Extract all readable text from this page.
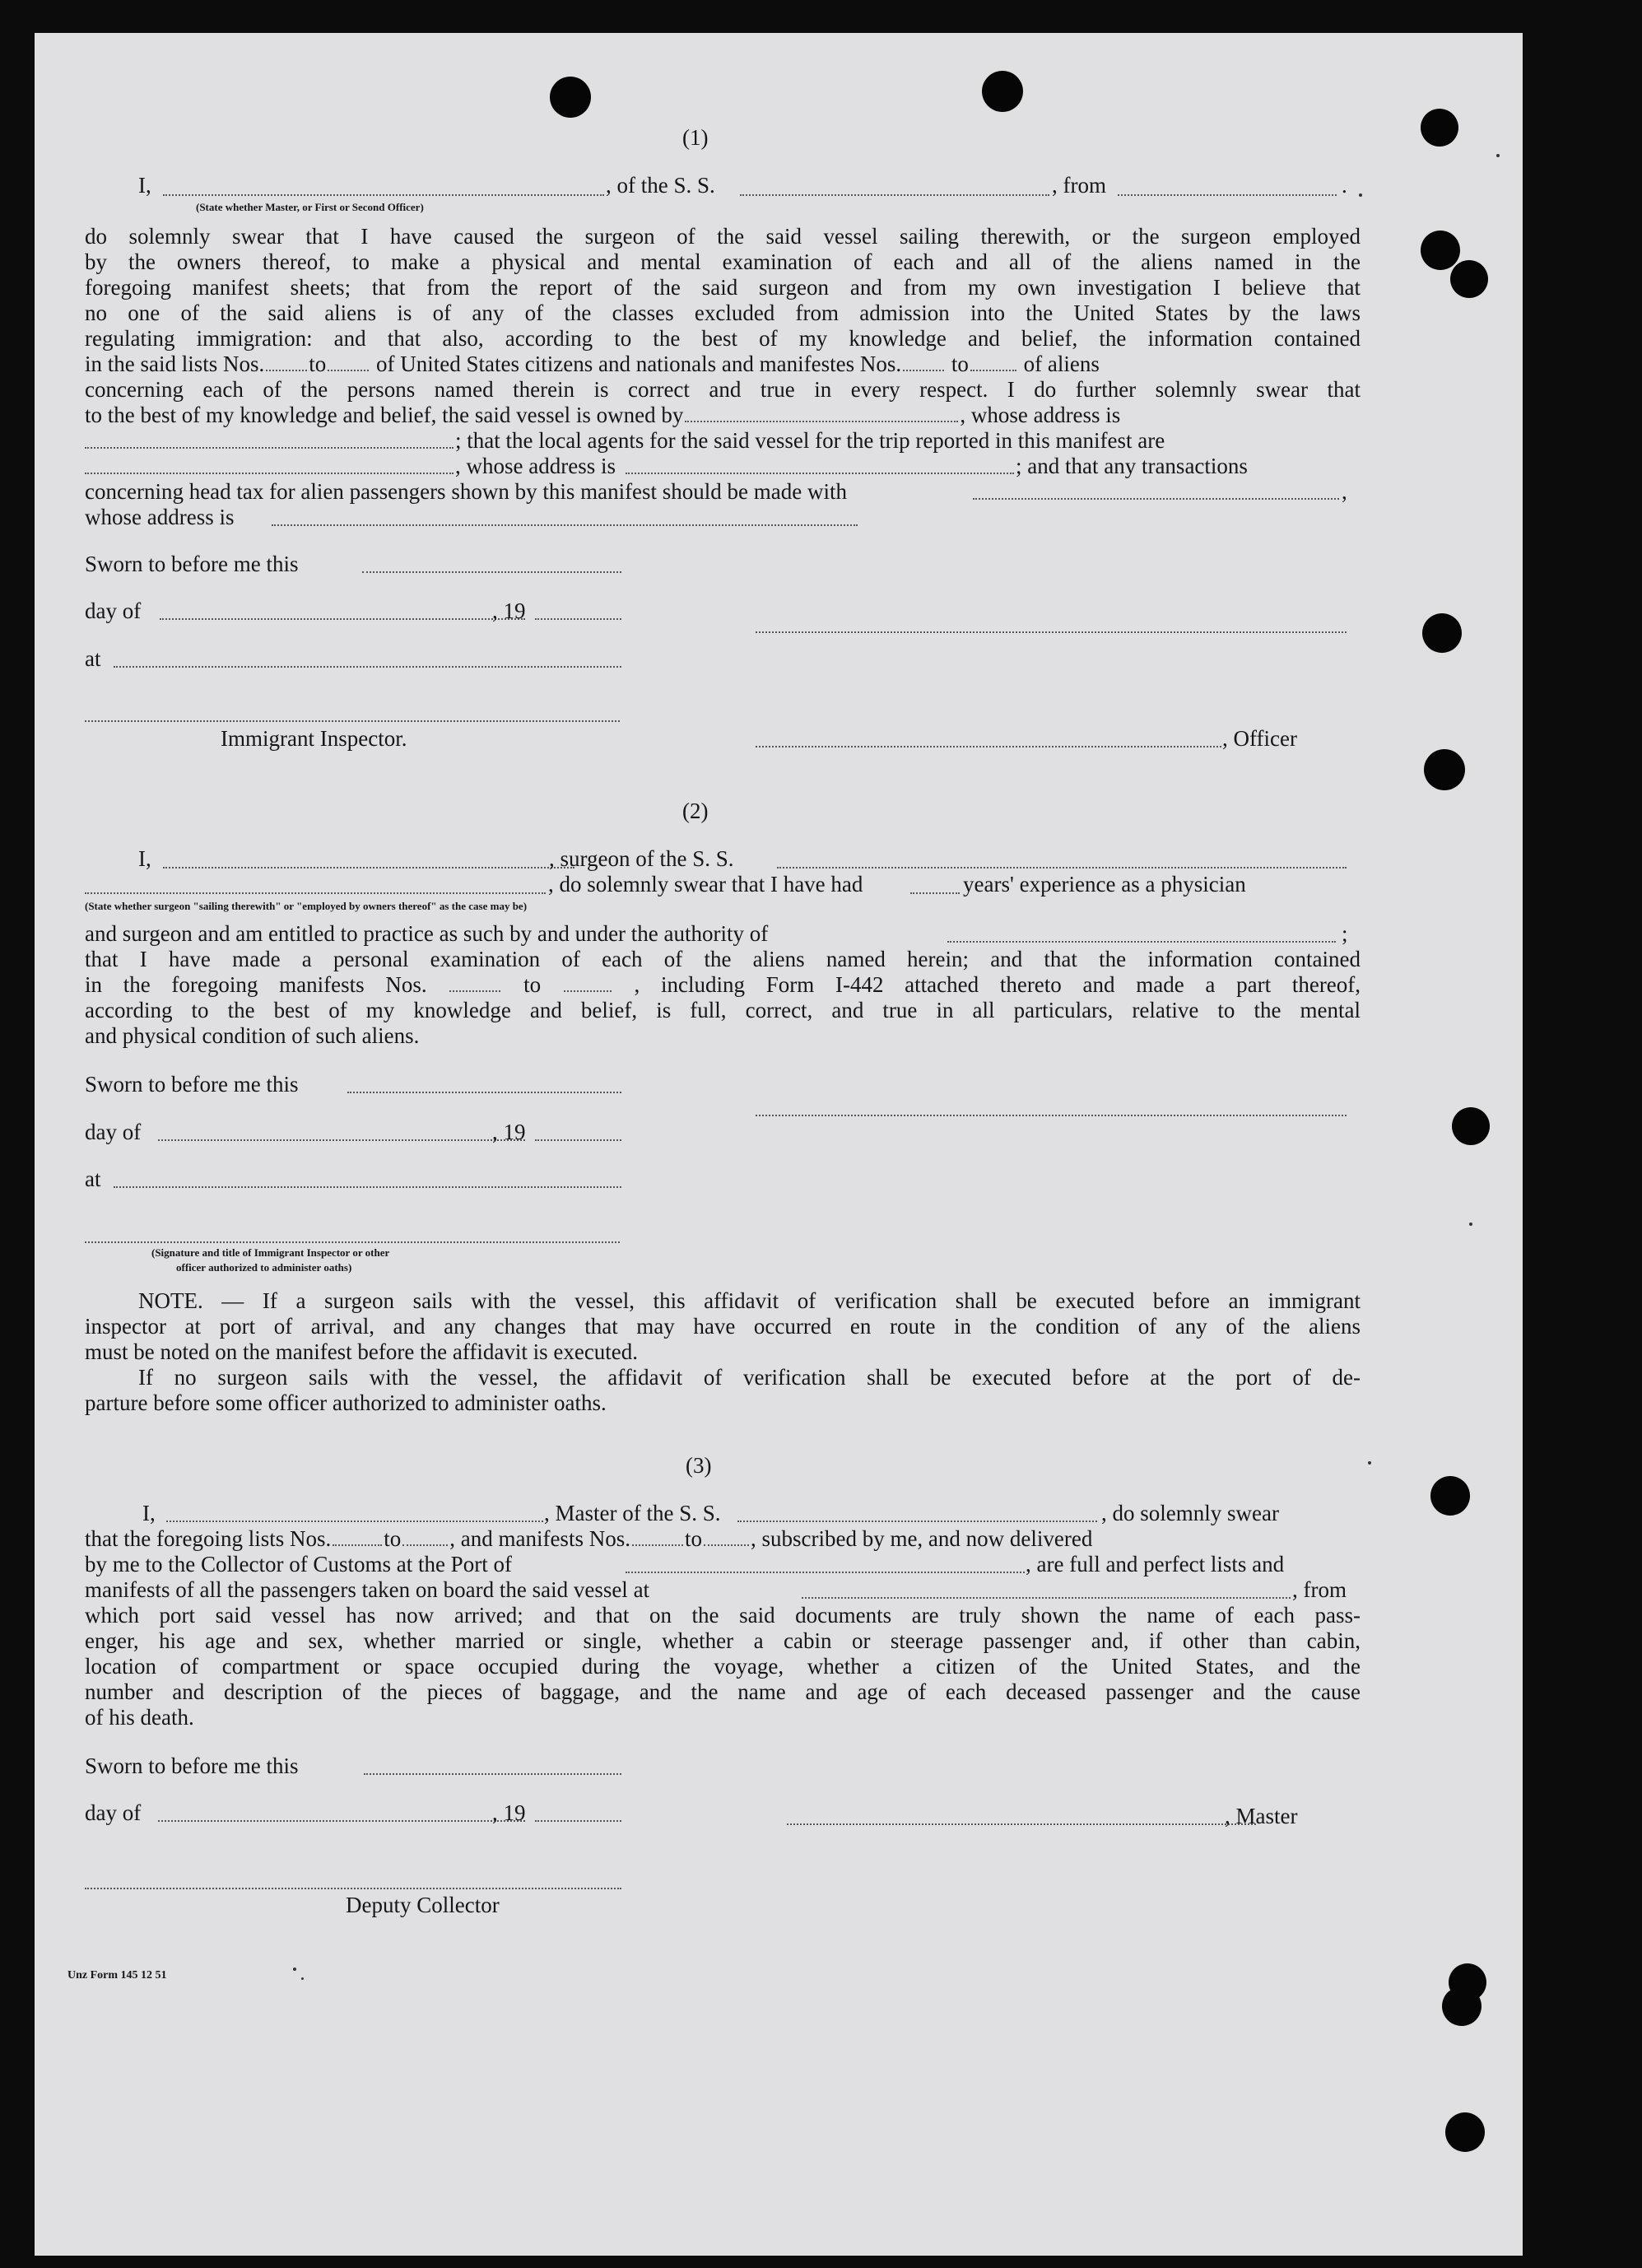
(1)
I,	, of the S. S.	, from	.
(State whether Master, or First or Second Officer)
do solemnly swear that I have caused the surgeon of the said vessel sailing therewith, or the surgeon employed
by the owners thereof, to make a physical and mental examination of each and all of the aliens named in the
foregoing manifest sheets; that from the report of the said surgeon and from my own investigation I believe that
no one of the said aliens is of any of the classes excluded from admission into the United States by the laws
regulating immigration: and that also, according to the best of my knowledge and belief, the information contained
in the said lists Nos. to of United States citizens and nationals and manifestes Nos. to of aliens
concerning each of the persons named therein is correct and true in every respect. I do further solemnly swear that
to the best of my knowledge and belief, the said vessel is owned by	, whose address is
; that the local agents for the said vessel for the trip reported in this manifest are
, whose address is	; and that any transactions
concerning head tax for alien passengers shown by this manifest should be made with	,
whose address is
Sworn to before me this
day of	, 19
at
Immigrant Inspector.	, Officer
(2)
I,	, surgeon of the S. S.
, do solemnly swear that I have had	years' experience as a physician
(State whether surgeon "sailing therewith" or "employed by owners thereof" as the case may be)
and surgeon and am entitled to practice as such by and under the authority of	;
that I have made a personal examination of each of the aliens named herein; and that the information contained
in the foregoing manifests Nos.	to	, including Form I-442 attached thereto and made a part thereof,
according to the best of my knowledge and belief, is full, correct, and true in all particulars, relative to the mental
and physical condition of such aliens.
Sworn to before me this
day of	, 19
at
(Signature and title of Immigrant Inspector or other
officer authorized to administer oaths)
NOTE. — If a surgeon sails with the vessel, this affidavit of verification shall be executed before an immigrant
inspector at port of arrival, and any changes that may have occurred en route in the condition of any of the aliens
must be noted on the manifest before the affidavit is executed.
If no surgeon sails with the vessel, the affidavit of verification shall be executed before at the port of de-
parture before some officer authorized to administer oaths.
(3)
I,	, Master of the S. S.	, do solemnly swear
that the foregoing lists Nos. to , and manifests Nos. to , subscribed by me, and now delivered
by me to the Collector of Customs at the Port of	, are full and perfect lists and
manifests of all the passengers taken on board the said vessel at	, from
which port said vessel has now arrived; and that on the said documents are truly shown the name of each pass-
enger, his age and sex, whether married or single, whether a cabin or steerage passenger and, if other than cabin,
location of compartment or space occupied during the voyage, whether a citizen of the United States, and the
number and description of the pieces of baggage, and the name and age of each deceased passenger and the cause
of his death.
Sworn to before me this
day of	, 19	, Master
Deputy Collector
Unz Form 145 12 51
